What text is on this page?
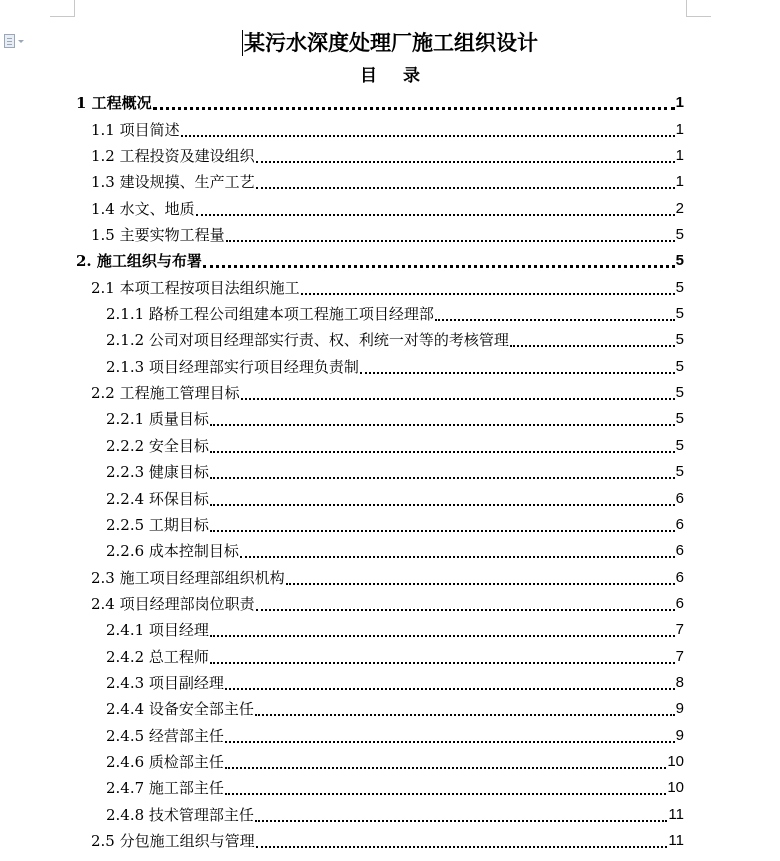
某污水深度处理厂施工组织设计
目录
1 工程概况	1
1.1 项目简述	1
1.2 工程投资及建设组织	1
1.3 建设规摸、生产工艺	1
1.4 水文、地质	2
1.5 主要实物工程量	5
2. 施工组织与布署	5
2.1 本项工程按项目法组织施工	5
2.1.1 路桥工程公司组建本项工程施工项目经理部	5
2.1.2 公司对项目经理部实行责、权、利统一对等的考核管理	5
2.1.3 项目经理部实行项目经理负责制	5
2.2 工程施工管理目标	5
2.2.1 质量目标	5
2.2.2 安全目标	5
2.2.3 健康目标	5
2.2.4 环保目标	6
2.2.5 工期目标	6
2.2.6 成本控制目标	6
2.3 施工项目经理部组织机构	6
2.4 项目经理部岗位职责	6
2.4.1 项目经理	7
2.4.2 总工程师	7
2.4.3 项目副经理	8
2.4.4 设备安全部主任	9
2.4.5 经营部主任	9
2.4.6 质检部主任	10
2.4.7 施工部主任	10
2.4.8 技术管理部主任	11
2.5 分包施工组织与管理	11
